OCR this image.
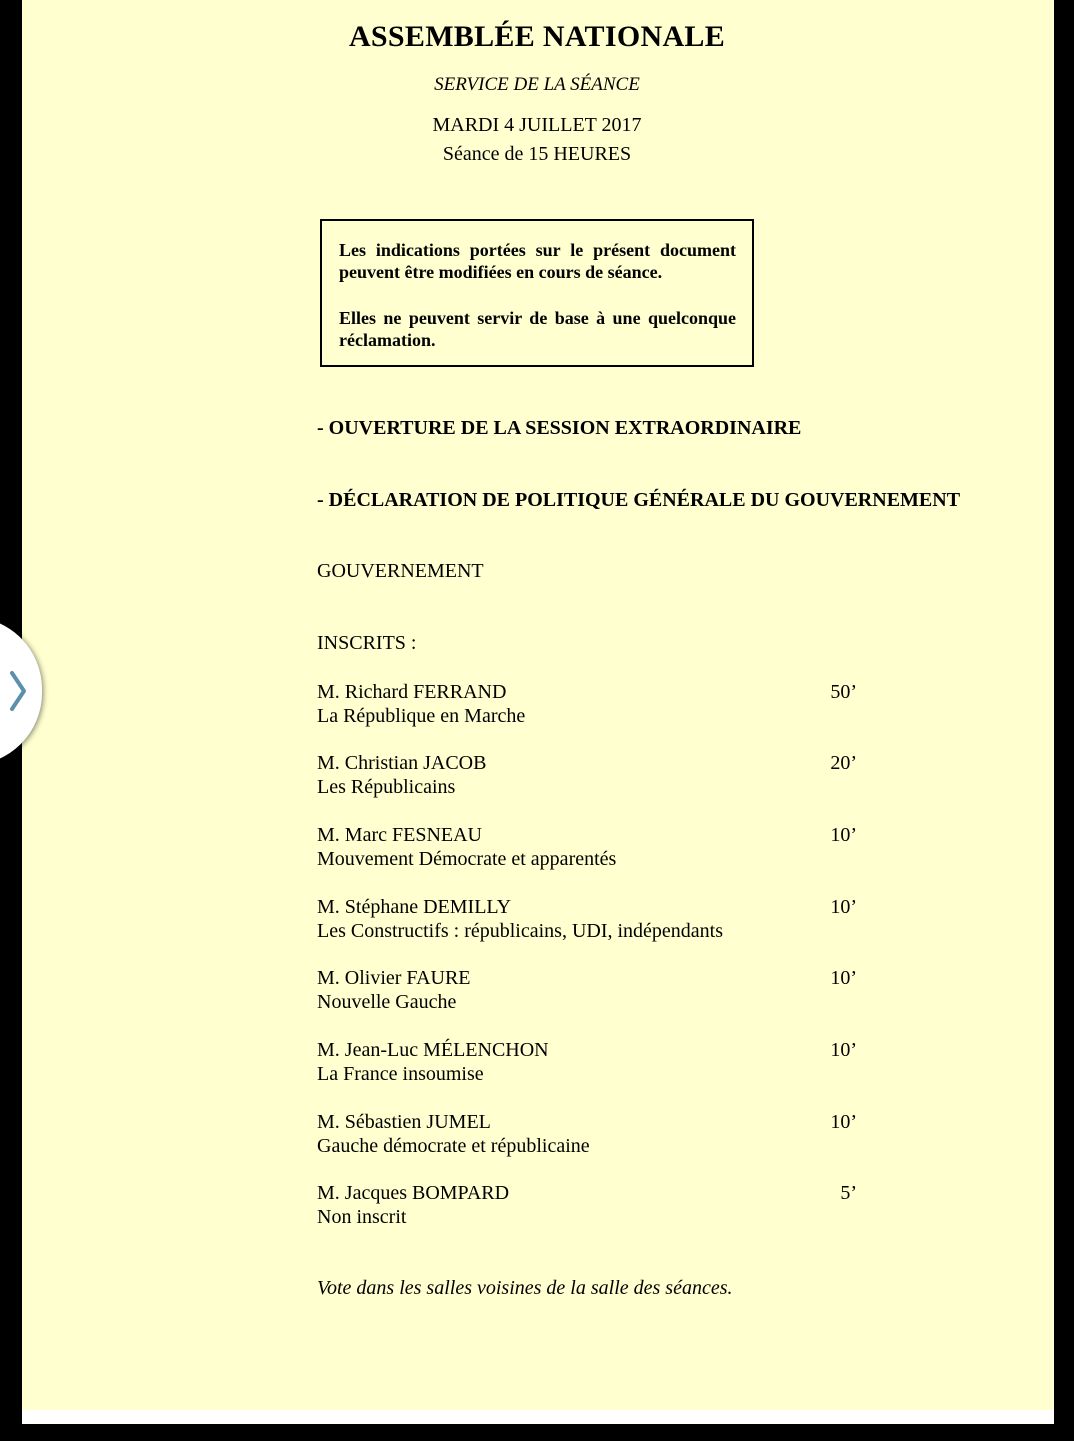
ASSEMBLÉE NATIONALE
SERVICE DE LA SÉANCE
MARDI 4 JUILLET 2017
Séance de 15 HEURES

Les indications portées sur le présent document peuvent être modifiées en cours de séance.

Elles ne peuvent servir de base à une quelconque réclamation.

- OUVERTURE DE LA SESSION EXTRAORDINAIRE
- DÉCLARATION DE POLITIQUE GÉNÉRALE DU GOUVERNEMENT
GOUVERNEMENT
INSCRITS :
M. Richard FERRAND
La République en Marche
50’
M. Christian JACOB
Les Républicains
20’
M. Marc FESNEAU
Mouvement Démocrate et apparentés
10’
M. Stéphane DEMILLY
Les Constructifs : républicains, UDI, indépendants
10’
M. Olivier FAURE
Nouvelle Gauche
10’
M. Jean-Luc MÉLENCHON
La France insoumise
10’
M. Sébastien JUMEL
Gauche démocrate et républicaine
10’
M. Jacques BOMPARD
Non inscrit
5’
Vote dans les salles voisines de la salle des séances.
